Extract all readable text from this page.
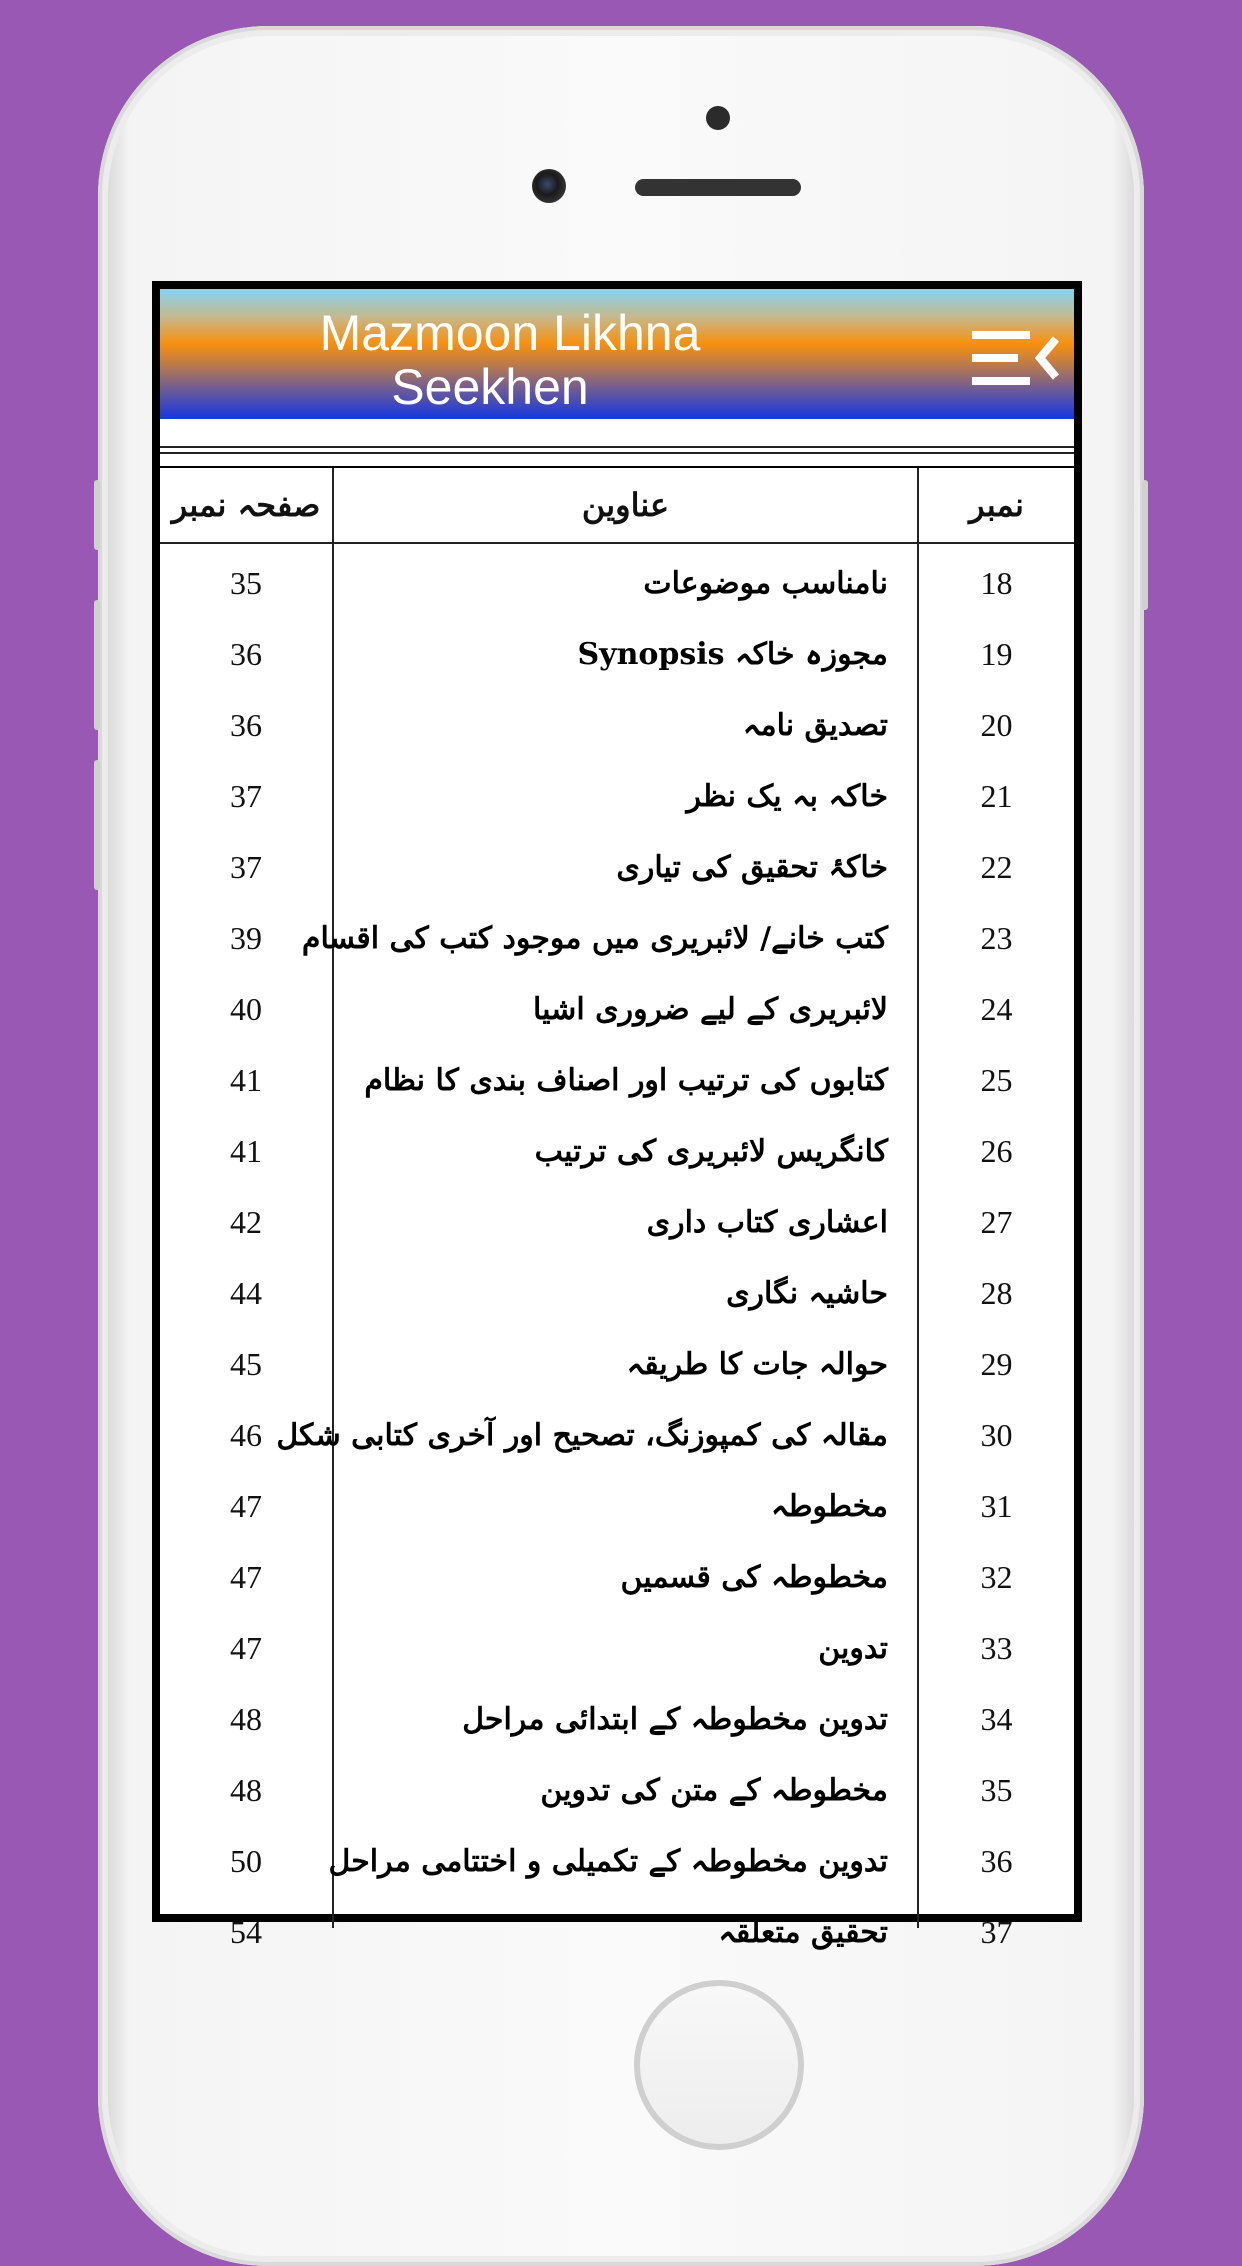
Mazmoon Likhna
Seekhen
صفحہ نمبر	عناوین	نمبر
35	نامناسب موضوعات	18
36	مجوزہ خاکہ Synopsis	19
36	تصدیق نامہ	20
37	خاکہ بہ یک نظر	21
37	خاکۂ تحقیق کی تیاری	22
39	کتب خانے/ لائبریری میں موجود کتب کی اقسام	23
40	لائبریری کے لیے ضروری اشیا	24
41	کتابوں کی ترتیب اور اصناف بندی کا نظام	25
41	کانگریس لائبریری کی ترتیب	26
42	اعشاری کتاب داری	27
44	حاشیہ نگاری	28
45	حوالہ جات کا طریقہ	29
46 مقالہ کی کمپوزنگ، تصحیح اور آخری کتابی شکل	30
47	مخطوطہ	31
47	مخطوطہ کی قسمیں	32
47	تدوین	33
48	تدوین مخطوطہ کے ابتدائی مراحل	34
48	مخطوطہ کے متن کی تدوین	35
50	تدوین مخطوطہ کے تکمیلی و اختتامی مراحل	36
54	تحقیق متعلقہ	37
